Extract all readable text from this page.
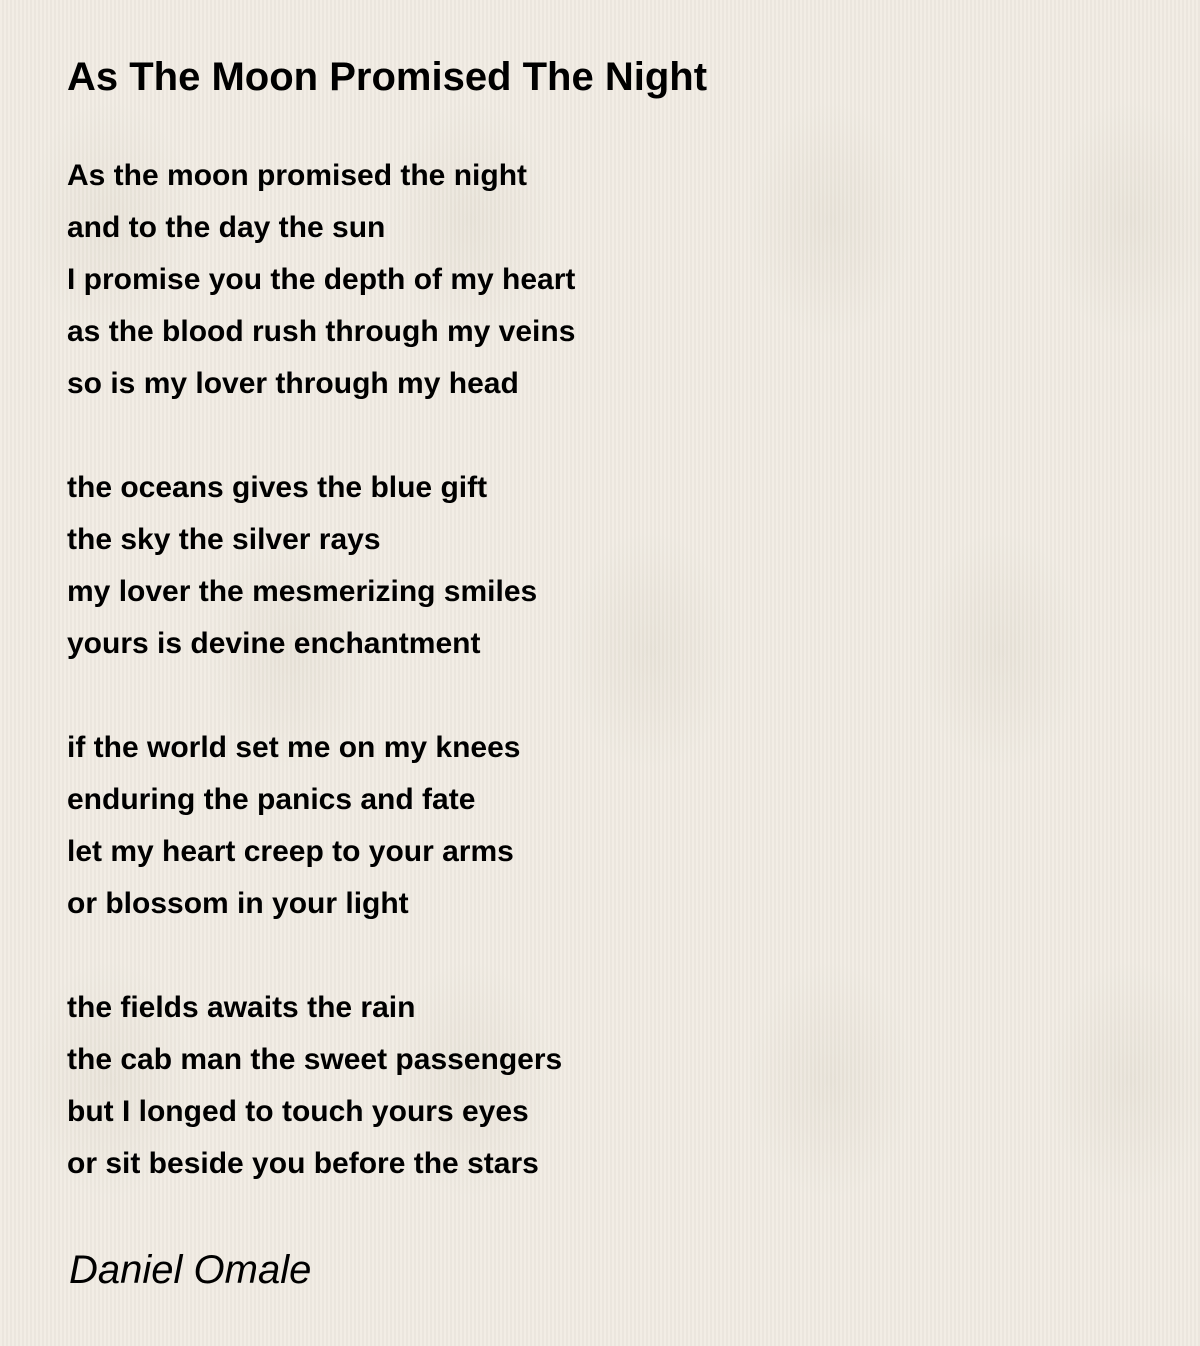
As The Moon Promised The Night
As the moon promised the night
and to the day the sun
I promise you the depth of my heart
as the blood rush through my veins
so is my lover through my head
the oceans gives the blue gift
the sky the silver rays
my lover the mesmerizing smiles
yours is devine enchantment
if the world set me on my knees
enduring the panics and fate
let my heart creep to your arms
or blossom in your light
the fields awaits the rain
the cab man the sweet passengers
but I longed to touch yours eyes
or sit beside you before the stars
Daniel Omale
